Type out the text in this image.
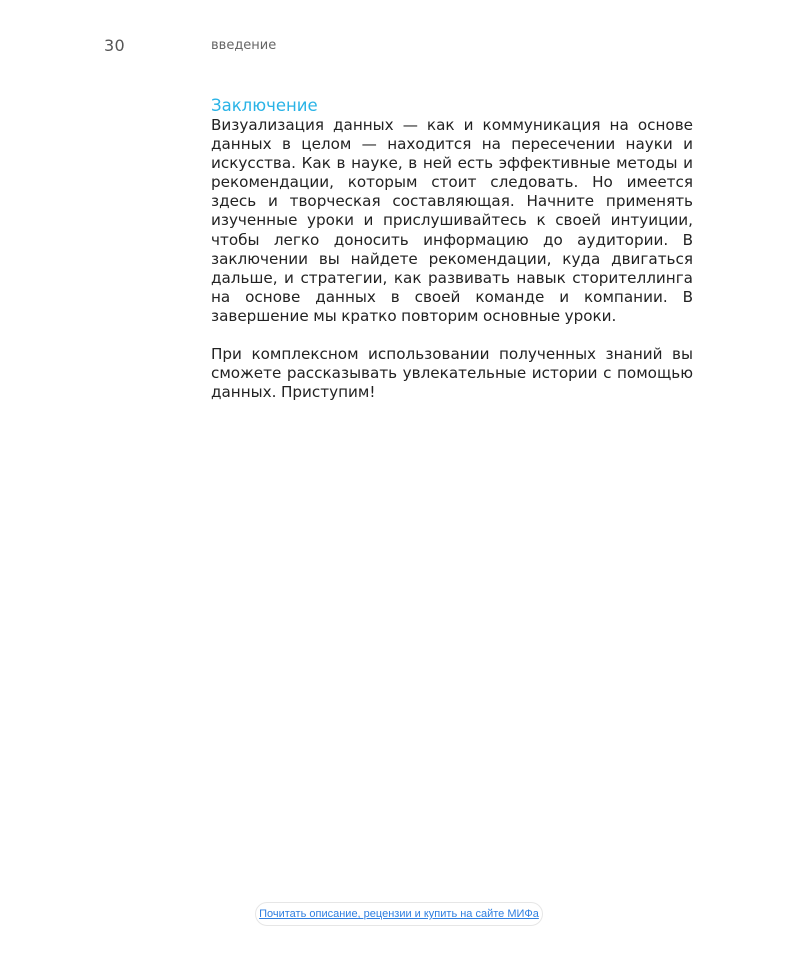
30	введение
Заключение

Визуализация данных — как и коммуникация на основе данных в целом — находится на пересечении науки и искусства. Как в науке, в ней есть эффективные методы и рекомендации, которым стоит следовать. Но имеется здесь и творческая составляющая. Начните применять изученные уроки и прислушивайтесь к своей интуиции, чтобы легко доносить информацию до аудитории. В заключении вы найдете рекомендации, куда двигаться дальше, и стратегии, как развивать навык сторителлинга на основе данных в своей команде и компании. В завершение мы кратко повторим основные уроки.

При комплексном использовании полученных знаний вы сможете рассказывать увлекательные истории с помощью данных. Приступим!

Почитать описание, рецензии и купить на сайте МИФа
